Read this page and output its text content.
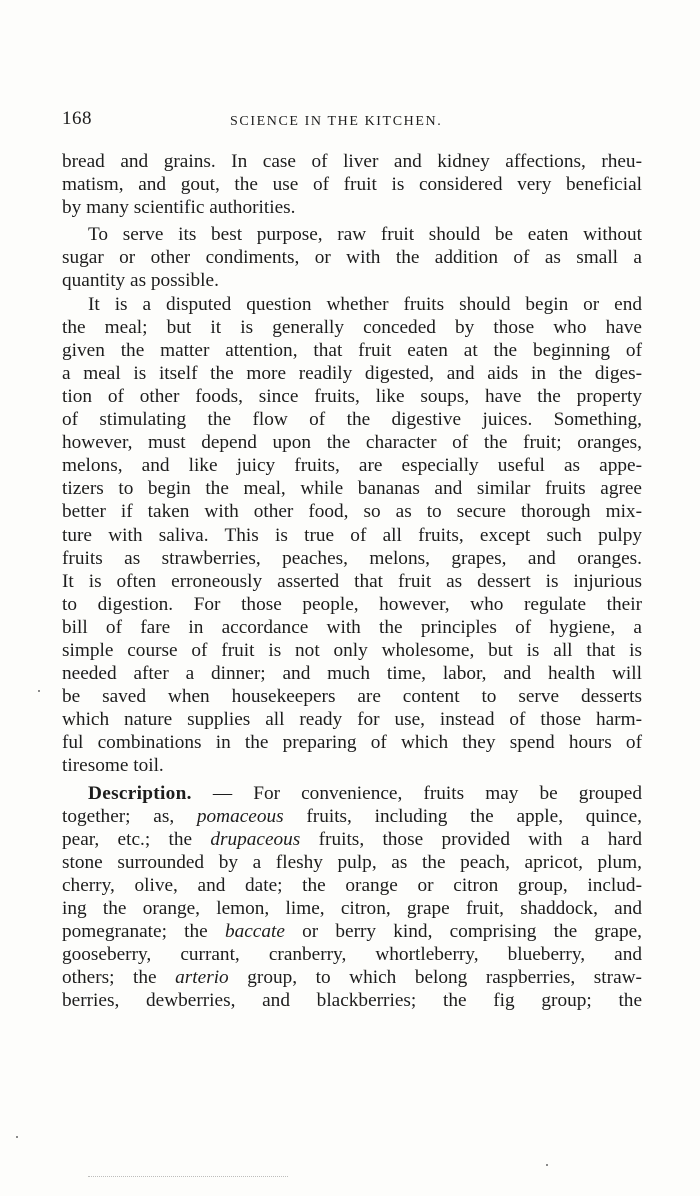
168	SCIENCE IN THE KITCHEN.
bread and grains. In case of liver and kidney affections, rheu-
matism, and gout, the use of fruit is considered very beneficial
by many scientific authorities.
To serve its best purpose, raw fruit should be eaten without
sugar or other condiments, or with the addition of as small a
quantity as possible.
It is a disputed question whether fruits should begin or end
the meal; but it is generally conceded by those who have
given the matter attention, that fruit eaten at the beginning of
a meal is itself the more readily digested, and aids in the diges-
tion of other foods, since fruits, like soups, have the property
of stimulating the flow of the digestive juices. Something,
however, must depend upon the character of the fruit; oranges,
melons, and like juicy fruits, are especially useful as appe-
tizers to begin the meal, while bananas and similar fruits agree
better if taken with other food, so as to secure thorough mix-
ture with saliva. This is true of all fruits, except such pulpy
fruits as strawberries, peaches, melons, grapes, and oranges.
It is often erroneously asserted that fruit as dessert is injurious
to digestion. For those people, however, who regulate their
bill of fare in accordance with the principles of hygiene, a
simple course of fruit is not only wholesome, but is all that is
needed after a dinner; and much time, labor, and health will
be saved when housekeepers are content to serve desserts
which nature supplies all ready for use, instead of those harm-
ful combinations in the preparing of which they spend hours of
tiresome toil.
Description. — For convenience, fruits may be grouped
together; as, pomaceous fruits, including the apple, quince,
pear, etc.; the drupaceous fruits, those provided with a hard
stone surrounded by a fleshy pulp, as the peach, apricot, plum,
cherry, olive, and date; the orange or citron group, includ-
ing the orange, lemon, lime, citron, grape fruit, shaddock, and
pomegranate; the baccate or berry kind, comprising the grape,
gooseberry, currant, cranberry, whortleberry, blueberry, and
others; the arterio group, to which belong raspberries, straw-
berries, dewberries, and blackberries; the fig group; the
